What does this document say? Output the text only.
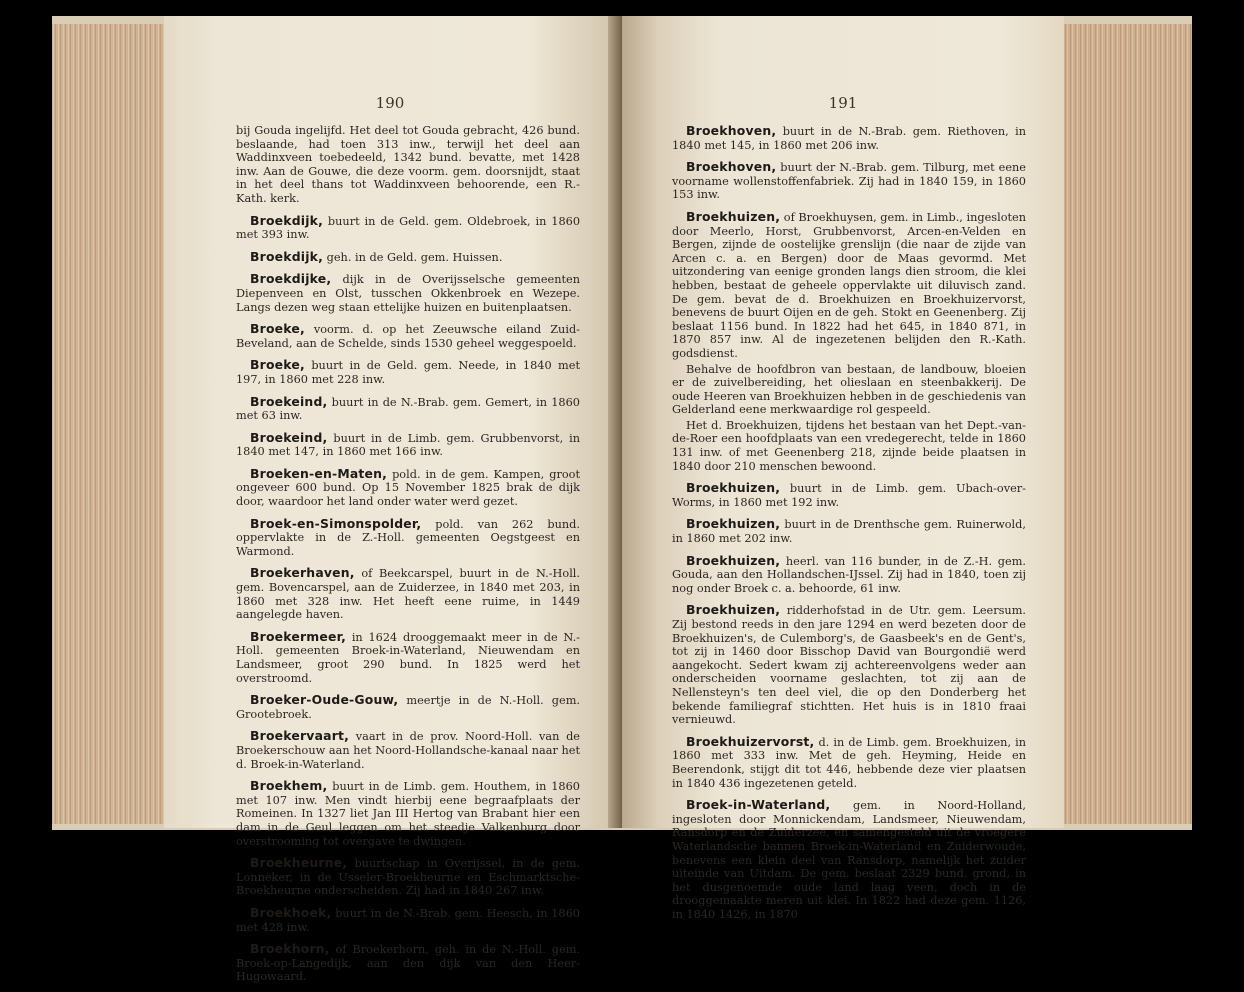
190

bij Gouda ingelijfd. Het deel tot Gouda gebracht, 426 bund. beslaande, had toen 313 inw., terwijl het deel aan Waddinxveen toebedeeld, 1342 bund. bevatte, met 1428 inw. Aan de Gouwe, die deze voorm. gem. doorsnijdt, staat in het deel thans tot Waddinxveen behoorende, een R.-Kath. kerk.

Broekdijk, buurt in de Geld. gem. Oldebroek, in 1860 met 393 inw.

Broekdijk, geh. in de Geld. gem. Huissen.

Broekdijke, dijk in de Overijsselsche gemeenten Diepenveen en Olst, tusschen Okkenbroek en Wezepe. Langs dezen weg staan ettelijke huizen en buitenplaatsen.

Broeke, voorm. d. op het Zeeuwsche eiland Zuid-Beveland, aan de Schelde, sinds 1530 geheel weggespoeld.

Broeke, buurt in de Geld. gem. Neede, in 1840 met 197, in 1860 met 228 inw.

Broekeind, buurt in de N.-Brab. gem. Gemert, in 1860 met 63 inw.

Broekeind, buurt in de Limb. gem. Grubbenvorst, in 1840 met 147, in 1860 met 166 inw.

Broeken-en-Maten, pold. in de gem. Kampen, groot ongeveer 600 bund. Op 15 November 1825 brak de dijk door, waardoor het land onder water werd gezet.

Broek-en-Simonspolder, pold. van 262 bund. oppervlakte in de Z.-Holl. gemeenten Oegstgeest en Warmond.

Broekerhaven, of Beekcarspel, buurt in de N.-Holl. gem. Bovencarspel, aan de Zuiderzee, in 1840 met 203, in 1860 met 328 inw. Het heeft eene ruime, in 1449 aangelegde haven.

Broekermeer, in 1624 drooggemaakt meer in de N.-Holl. gemeenten Broek-in-Waterland, Nieuwendam en Landsmeer, groot 290 bund. In 1825 werd het overstroomd.

Broeker-Oude-Gouw, meertje in de N.-Holl. gem. Grootebroek.

Broekervaart, vaart in de prov. Noord-Holl. van de Broekerschouw aan het Noord-Hollandsche-kanaal naar het d. Broek-in-Waterland.

Broekhem, buurt in de Limb. gem. Houthem, in 1860 met 107 inw. Men vindt hierbij eene begraafplaats der Romeinen. In 1327 liet Jan III Hertog van Brabant hier een dam in de Geul leggen om het steedje Valkenburg door overstrooming tot overgave te dwingen.

Broekheurne, buurtschap in Overijssel, in de gem. Lonneker, in de Usseler-Broekheurne en Eschmarktsche-Broekheurne onderscheiden. Zij had in 1840 267 inw.

Broekhoek, buurt in de N.-Brab. gem. Heesch, in 1860 met 428 inw.

Broekhorn, of Broekerhorn, geh. in de N.-Holl. gem. Broek-op-Langedijk, aan den dijk van den Heer-Hugowaard.

191

Broekhoven, buurt in de N.-Brab. gem. Riethoven, in 1840 met 145, in 1860 met 206 inw.

Broekhoven, buurt der N.-Brab. gem. Tilburg, met eene voorname wollenstoffenfabriek. Zij had in 1840 159, in 1860 153 inw.

Broekhuizen, of Broekhuysen, gem. in Limb., ingesloten door Meerlo, Horst, Grubbenvorst, Arcen-en-Velden en Bergen, zijnde de oostelijke grenslijn (die naar de zijde van Arcen c. a. en Bergen) door de Maas gevormd. Met uitzondering van eenige gronden langs dien stroom, die klei hebben, bestaat de geheele oppervlakte uit diluvisch zand. De gem. bevat de d. Broekhuizen en Broekhuizervorst, benevens de buurt Oijen en de geh. Stokt en Geenenberg. Zij beslaat 1156 bund. In 1822 had het 645, in 1840 871, in 1870 857 inw. Al de ingezetenen belijden den R.-Kath. godsdienst.
Behalve de hoofdbron van bestaan, de landbouw, bloeien er de zuivelbereiding, het olieslaan en steenbakkerij. De oude Heeren van Broekhuizen hebben in de geschiedenis van Gelderland eene merkwaardige rol gespeeld.
Het d. Broekhuizen, tijdens het bestaan van het Dept.-van-de-Roer een hoofdplaats van een vredegerecht, telde in 1860 131 inw. of met Geenenberg 218, zijnde beide plaatsen in 1840 door 210 menschen bewoond.

Broekhuizen, buurt in de Limb. gem. Ubach-over-Worms, in 1860 met 192 inw.

Broekhuizen, buurt in de Drenthsche gem. Ruinerwold, in 1860 met 202 inw.

Broekhuizen, heerl. van 116 bunder, in de Z.-H. gem. Gouda, aan den Hollandschen-IJssel. Zij had in 1840, toen zij nog onder Broek c. a. behoorde, 61 inw.

Broekhuizen, ridderhofstad in de Utr. gem. Leersum. Zij bestond reeds in den jare 1294 en werd bezeten door de Broekhuizen's, de Culemborg's, de Gaasbeek's en de Gent's, tot zij in 1460 door Bisschop David van Bourgondië werd aangekocht. Sedert kwam zij achtereenvolgens weder aan onderscheiden voorname geslachten, tot zij aan de Nellensteyn's ten deel viel, die op den Donderberg het bekende familiegraf stichtten. Het huis is in 1810 fraai vernieuwd.

Broekhuizervorst, d. in de Limb. gem. Broekhuizen, in 1860 met 333 inw. Met de geh. Heyming, Heide en Beerendonk, stijgt dit tot 446, hebbende deze vier plaatsen in 1840 436 ingezetenen geteld.

Broek-in-Waterland, gem. in Noord-Holland, ingesloten door Monnickendam, Landsmeer, Nieuwendam, Ransdorp en de Zuiderzee, en samengesteld uit de vroegere Waterlandsche bannen Broek-in-Waterland en Zuiderwoude, benevens een klein deel van Ransdorp, namelijk het zuider uiteinde van Uitdam. De gem. beslaat 2329 bund. grond, in het dusgenoemde oude land laag veen, doch in de drooggemaakte meren uit klei. In 1822 had deze gem. 1126, in 1840 1426, in 1870
